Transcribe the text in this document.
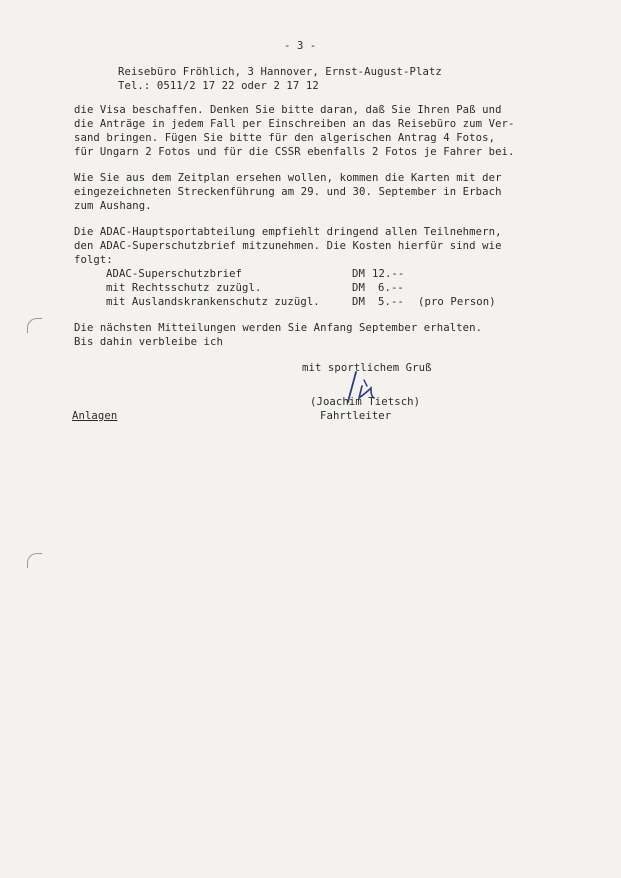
- 3 -
Reisebüro Fröhlich, 3 Hannover, Ernst-August-Platz
Tel.: 0511/2 17 22 oder 2 17 12
die Visa beschaffen. Denken Sie bitte daran, daß Sie Ihren Paß und
die Anträge in jedem Fall per Einschreiben an das Reisebüro zum Ver-
sand bringen. Fügen Sie bitte für den algerischen Antrag 4 Fotos,
für Ungarn 2 Fotos und für die CSSR ebenfalls 2 Fotos je Fahrer bei.
Wie Sie aus dem Zeitplan ersehen wollen, kommen die Karten mit der
eingezeichneten Streckenführung am 29. und 30. September in Erbach
zum Aushang.
Die ADAC-Hauptsportabteilung empfiehlt dringend allen Teilnehmern,
den ADAC-Superschutzbrief mitzunehmen. Die Kosten hierfür sind wie
folgt:
ADAC-Superschutzbrief	DM 12.--
mit Rechtsschutz zuzügl.	DM 6.--
mit Auslandskrankenschutz zuzügl.	DM 5.-- (pro Person)
Die nächsten Mitteilungen werden Sie Anfang September erhalten.
Bis dahin verbleibe ich
mit sportlichem Gruß
(Joachim Tietsch)
Fahrtleiter
Anlagen
